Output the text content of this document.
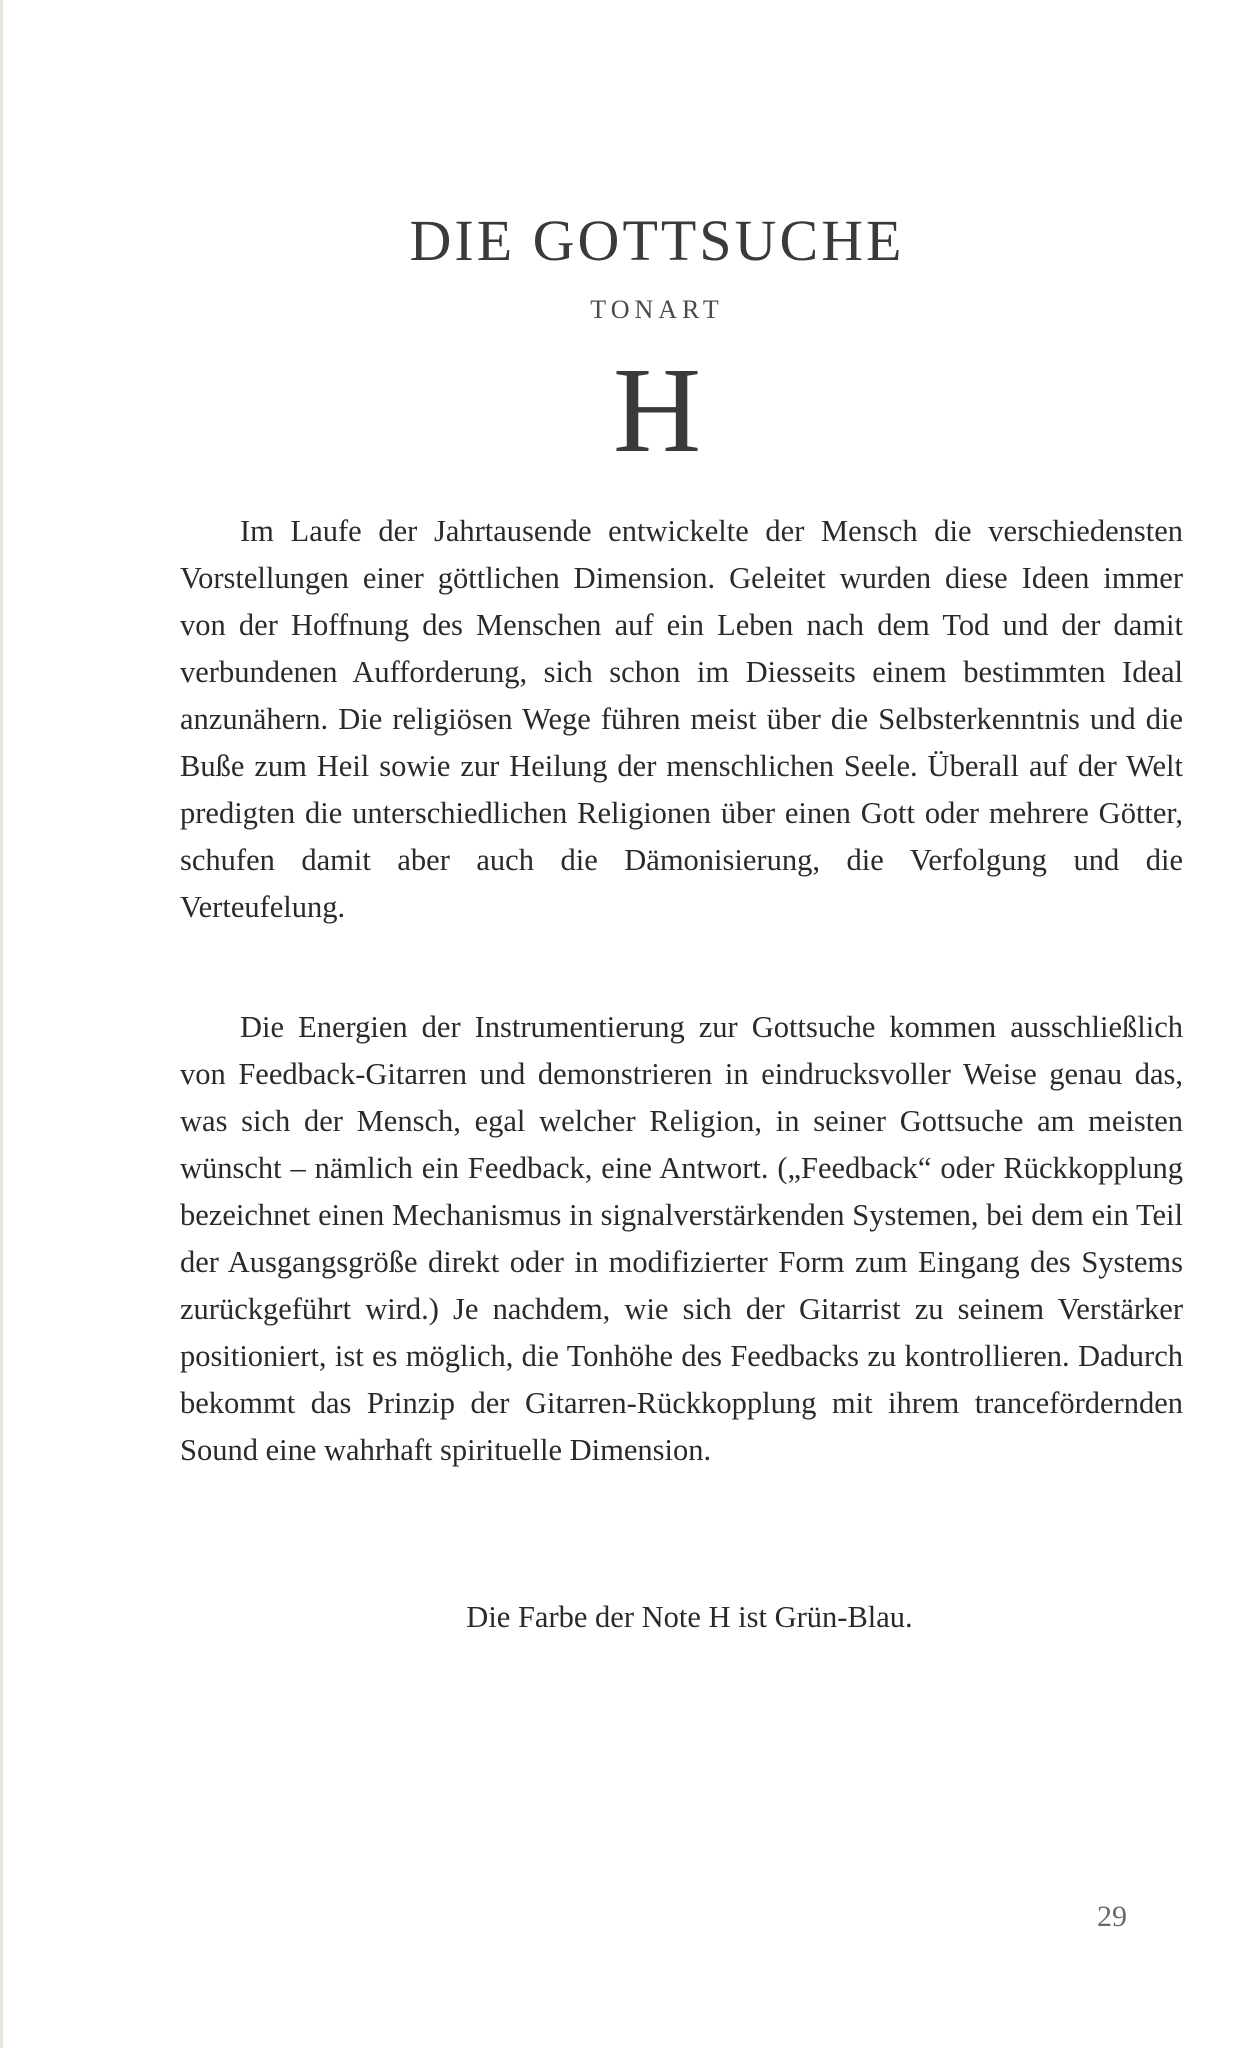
DIE GOTTSUCHE
TONART
H

Im Laufe der Jahrtausende entwickelte der Mensch die verschiedensten Vorstellungen einer göttlichen Dimension. Geleitet wurden diese Ideen immer von der Hoffnung des Menschen auf ein Leben nach dem Tod und der damit verbundenen Aufforderung, sich schon im Diesseits einem bestimmten Ideal anzunähern. Die religiösen Wege führen meist über die Selbsterkenntnis und die Buße zum Heil sowie zur Heilung der menschlichen Seele. Überall auf der Welt predigten die unterschiedlichen Religionen über einen Gott oder mehrere Götter, schufen damit aber auch die Dämonisierung, die Verfolgung und die Verteufelung.

Die Energien der Instrumentierung zur Gottsuche kommen ausschließlich von Feedback-Gitarren und demonstrieren in eindrucksvoller Weise genau das, was sich der Mensch, egal welcher Religion, in seiner Gottsuche am meisten wünscht – nämlich ein Feedback, eine Antwort. („Feedback“ oder Rückkopplung bezeichnet einen Mechanismus in signalverstärkenden Systemen, bei dem ein Teil der Ausgangsgröße direkt oder in modifizierter Form zum Eingang des Systems zurückgeführt wird.) Je nachdem, wie sich der Gitarrist zu seinem Verstärker positioniert, ist es möglich, die Tonhöhe des Feedbacks zu kontrollieren. Dadurch bekommt das Prinzip der Gitarren-Rückkopplung mit ihrem trancefördernden Sound eine wahrhaft spirituelle Dimension.

Die Farbe der Note H ist Grün-Blau.
29
